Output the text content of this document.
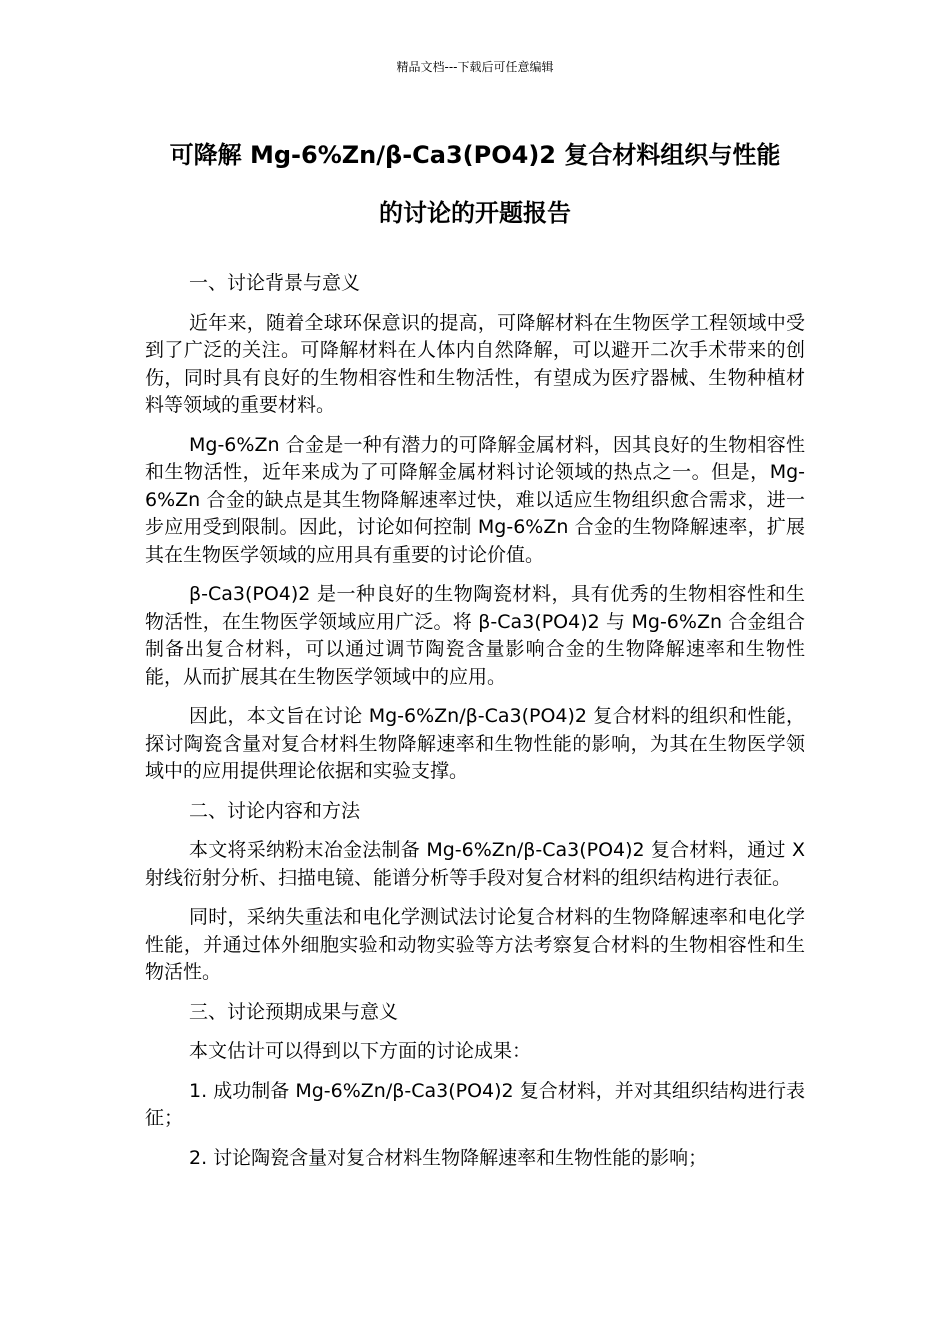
精品文档---下载后可任意编辑
可降解 Mg-6%Zn/β-Ca3(PO4)2 复合材料组织与性能
的讨论的开题报告

一、讨论背景与意义

近年来，随着全球环保意识的提高，可降解材料在生物医学工程领域中受到了广泛的关注。可降解材料在人体内自然降解，可以避开二次手术带来的创伤，同时具有良好的生物相容性和生物活性，有望成为医疗器械、生物种植材料等领域的重要材料。

Mg-6%Zn 合金是一种有潜力的可降解金属材料，因其良好的生物相容性和生物活性，近年来成为了可降解金属材料讨论领域的热点之一。但是，Mg-6%Zn 合金的缺点是其生物降解速率过快，难以适应生物组织愈合需求，进一步应用受到限制。因此，讨论如何控制 Mg-6%Zn 合金的生物降解速率，扩展其在生物医学领域的应用具有重要的讨论价值。

β-Ca3(PO4)2 是一种良好的生物陶瓷材料，具有优秀的生物相容性和生物活性，在生物医学领域应用广泛。将 β-Ca3(PO4)2 与 Mg-6%Zn 合金组合制备出复合材料，可以通过调节陶瓷含量影响合金的生物降解速率和生物性能，从而扩展其在生物医学领域中的应用。

因此，本文旨在讨论 Mg-6%Zn/β-Ca3(PO4)2 复合材料的组织和性能，探讨陶瓷含量对复合材料生物降解速率和生物性能的影响，为其在生物医学领域中的应用提供理论依据和实验支撑。

二、讨论内容和方法

本文将采纳粉末冶金法制备 Mg-6%Zn/β-Ca3(PO4)2 复合材料，通过 X 射线衍射分析、扫描电镜、能谱分析等手段对复合材料的组织结构进行表征。

同时，采纳失重法和电化学测试法讨论复合材料的生物降解速率和电化学性能，并通过体外细胞实验和动物实验等方法考察复合材料的生物相容性和生物活性。

三、讨论预期成果与意义

本文估计可以得到以下方面的讨论成果：

1. 成功制备 Mg-6%Zn/β-Ca3(PO4)2 复合材料，并对其组织结构进行表征；

2. 讨论陶瓷含量对复合材料生物降解速率和生物性能的影响；
